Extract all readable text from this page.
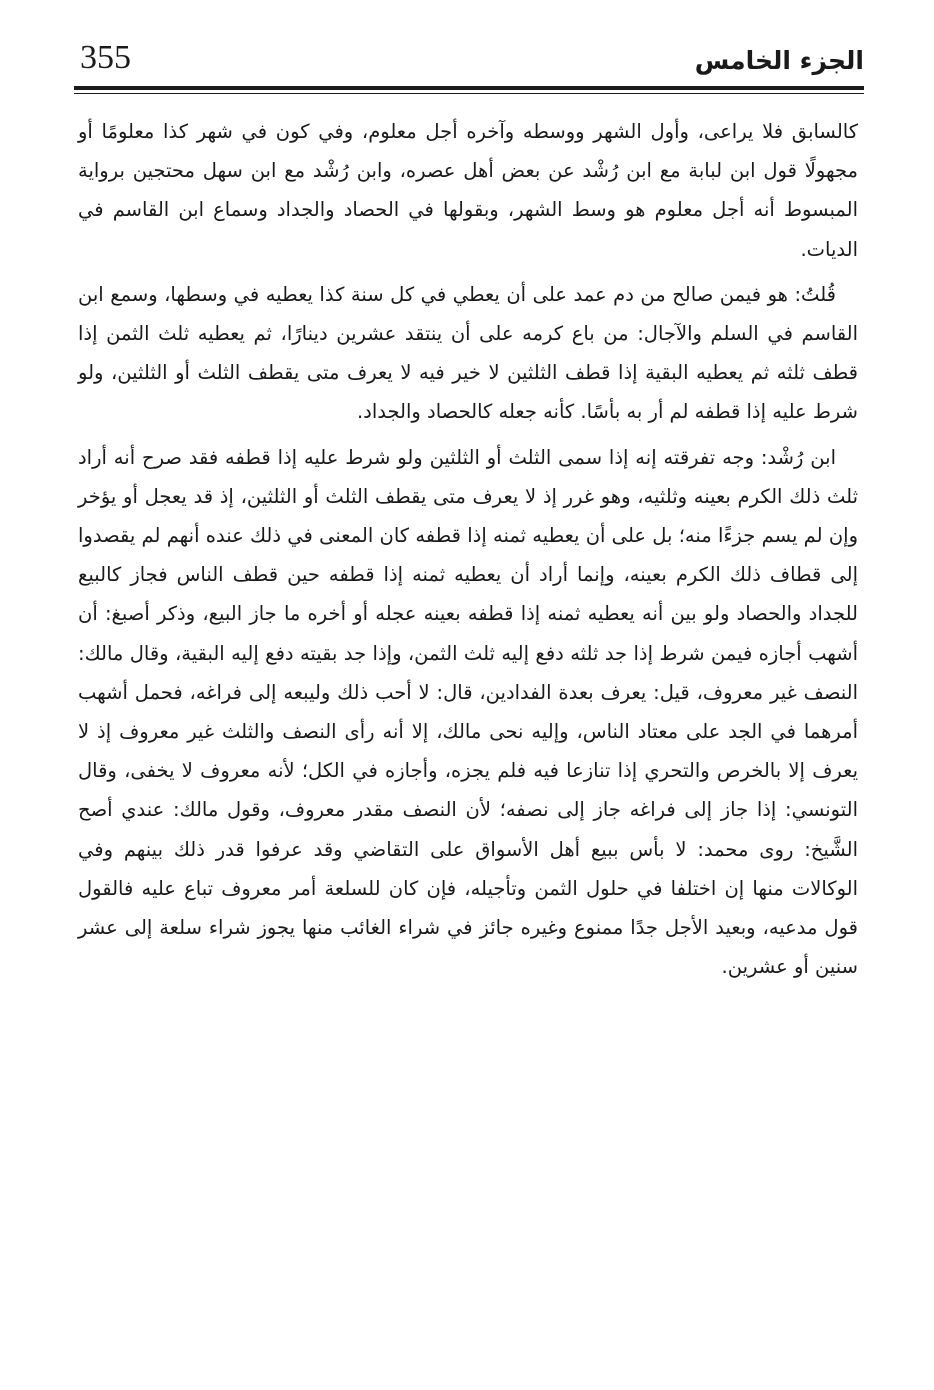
355	الجزء الخامس

كالسابق فلا يراعى، وأول الشهر ووسطه وآخره أجل معلوم، وفي كون في شهر كذا معلومًا أو مجهولًا قول ابن لبابة مع ابن رُشْد عن بعض أهل عصره، وابن رُشْد مع ابن سهل محتجين برواية المبسوط أنه أجل معلوم هو وسط الشهر، وبقولها في الحصاد والجداد وسماع ابن القاسم في الديات.

قُلتُ: هو فيمن صالح من دم عمد على أن يعطي في كل سنة كذا يعطيه في وسطها، وسمع ابن القاسم في السلم والآجال: من باع كرمه على أن ينتقد عشرين دينارًا، ثم يعطيه ثلث الثمن إذا قطف ثلثه ثم يعطيه البقية إذا قطف الثلثين لا خير فيه لا يعرف متى يقطف الثلث أو الثلثين، ولو شرط عليه إذا قطفه لم أر به بأسًا. كأنه جعله كالحصاد والجداد.

ابن رُشْد: وجه تفرقته إنه إذا سمى الثلث أو الثلثين ولو شرط عليه إذا قطفه فقد صرح أنه أراد ثلث ذلك الكرم بعينه وثلثيه، وهو غرر إذ لا يعرف متى يقطف الثلث أو الثلثين، إذ قد يعجل أو يؤخر وإن لم يسم جزءًا منه؛ بل على أن يعطيه ثمنه إذا قطفه كان المعنى في ذلك عنده أنهم لم يقصدوا إلى قطاف ذلك الكرم بعينه، وإنما أراد أن يعطيه ثمنه إذا قطفه حين قطف الناس فجاز كالبيع للجداد والحصاد ولو بين أنه يعطيه ثمنه إذا قطفه بعينه عجله أو أخره ما جاز البيع، وذكر أصبغ: أن أشهب أجازه فيمن شرط إذا جد ثلثه دفع إليه ثلث الثمن، وإذا جد بقيته دفع إليه البقية، وقال مالك: النصف غير معروف، قيل: يعرف بعدة الفدادين، قال: لا أحب ذلك وليبعه إلى فراغه، فحمل أشهب أمرهما في الجد على معتاد الناس، وإليه نحى مالك، إلا أنه رأى النصف والثلث غير معروف إذ لا يعرف إلا بالخرص والتحري إذا تنازعا فيه فلم يجزه، وأجازه في الكل؛ لأنه معروف لا يخفى، وقال التونسي: إذا جاز إلى فراغه جاز إلى نصفه؛ لأن النصف مقدر معروف، وقول مالك: عندي أصح الشَّيخ: روى محمد: لا بأس ببيع أهل الأسواق على التقاضي وقد عرفوا قدر ذلك بينهم وفي الوكالات منها إن اختلفا في حلول الثمن وتأجيله، فإن كان للسلعة أمر معروف تباع عليه فالقول قول مدعيه، وبعيد الأجل جدًا ممنوع وغيره جائز في شراء الغائب منها يجوز شراء سلعة إلى عشر سنين أو عشرين.
